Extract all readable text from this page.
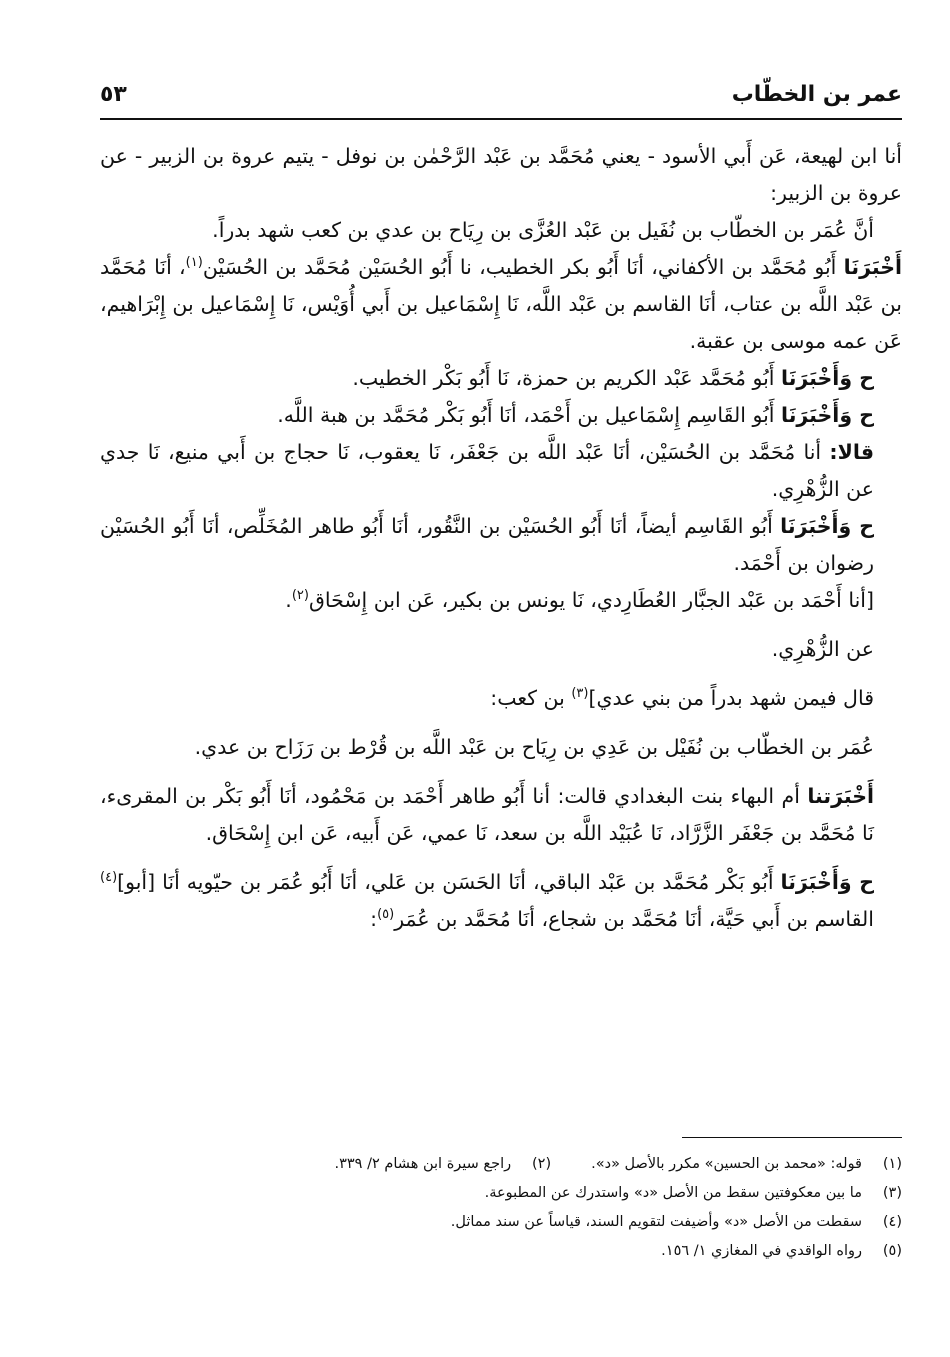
عمر بن الخطّاب
٥٣

أنا ابن لهيعة، عَن أَبي الأسود - يعني مُحَمَّد بن عَبْد الرَّحْمٰن بن نوفل - يتيم عروة بن الزبير - عن عروة بن الزبير:

أنَّ عُمَر بن الخطّاب بن نُفَيل بن عَبْد العُزَّى بن رِيَاح بن عدي بن كعب شهد بدراً.

أَخْبَرَنَا أَبُو مُحَمَّد بن الأكفاني، أنَا أَبُو بكر الخطيب، نا أَبُو الحُسَيْن مُحَمَّد بن الحُسَيْن$^{(١)}$، أنَا مُحَمَّد بن عَبْد اللَّه بن عتاب، أنَا القاسم بن عَبْد اللَّه، نَا إِسْمَاعيل بن أَبي أُوَيْس، نَا إِسْمَاعيل بن إِبْرَاهيم، عَن عمه موسى بن عقبة.

ح وَأَخْبَرَنَا أَبُو مُحَمَّد عَبْد الكريم بن حمزة، نَا أَبُو بَكْر الخطيب.

ح وَأَخْبَرَنَا أَبُو القَاسِم إِسْمَاعيل بن أَحْمَد، أنَا أَبُو بَكْر مُحَمَّد بن هبة اللَّه.

قالا: أنا مُحَمَّد بن الحُسَيْن، أنَا عَبْد اللَّه بن جَعْفَر، نَا يعقوب، نَا حجاج بن أَبي منيع، نَا جدي عن الزُّهْرِي.

ح وَأَخْبَرَنَا أَبُو القَاسِم أيضاً، أنَا أَبُو الحُسَيْن بن النَّقُور، أنَا أَبُو طاهر المُخَلِّص، أنَا أَبُو الحُسَيْن رضوان بن أَحْمَد.

[أنا أَحْمَد بن عَبْد الجبَّار العُطَارِدي، نَا يونس بن بكير، عَن ابن إِسْحَاق$^{(٢)}$.

عن الزُّهْرِي.

قال فيمن شهد بدراً من بني عدي]$^{(٣)}$ بن كعب:

عُمَر بن الخطّاب بن نُفَيْل بن عَدِي بن رِيَاح بن عَبْد اللَّه بن قُرْط بن رَزَاح بن عدي.

أَخْبَرَتنا أم البهاء بنت البغدادي قالت: أنا أَبُو طاهر أَحْمَد بن مَحْمُود، أنَا أَبُو بَكْر بن المقرىء، نَا مُحَمَّد بن جَعْفَر الزَّرَّاد، نَا عُبَيْد اللَّه بن سعد، نَا عمي، عَن أَبيه، عَن ابن إِسْحَاق.

ح وَأَخْبَرَنَا أَبُو بَكْر مُحَمَّد بن عَبْد الباقي، أنَا الحَسَن بن عَلي، أنَا أَبُو عُمَر بن حيّويه أنَا [أبو]$^{(٤)}$ القاسم بن أَبي حَيَّة، أنَا مُحَمَّد بن شجاع، أنَا مُحَمَّد بن عُمَر$^{(٥)}$:

(١)قوله: «محمد بن الحسين» مكرر بالأصل «د».(٢)راجع سيرة ابن هشام ٢/ ٣٣٩.

(٣)ما بين معكوفتين سقط من الأصل «د» واستدرك عن المطبوعة.

(٤)سقطت من الأصل «د» وأضيفت لتقويم السند، قياساً عن سند مماثل.

(٥)رواه الواقدي في المغازي ١/ ١٥٦.
